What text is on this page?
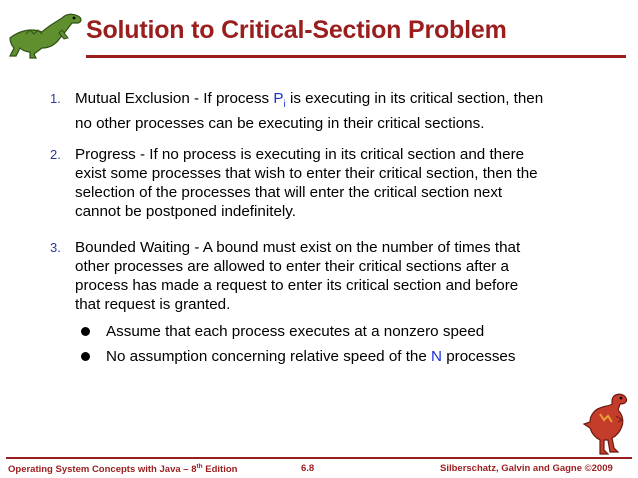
Solution to Critical-Section Problem
1. Mutual Exclusion - If process $P_i$ is executing in its critical section, then
no other processes can be executing in their critical sections.
2. Progress - If no process is executing in its critical section and there
exist some processes that wish to enter their critical section, then the
selection of the processes that will enter the critical section next
cannot be postponed indefinitely.
3. Bounded Waiting - A bound must exist on the number of times that
other processes are allowed to enter their critical sections after a
process has made a request to enter its critical section and before
that request is granted.
Assume that each process executes at a nonzero speed
No assumption concerning relative speed of the N processes
Operating System Concepts with Java – 8th Edition	6.8	Silberschatz, Galvin and Gagne ©2009
